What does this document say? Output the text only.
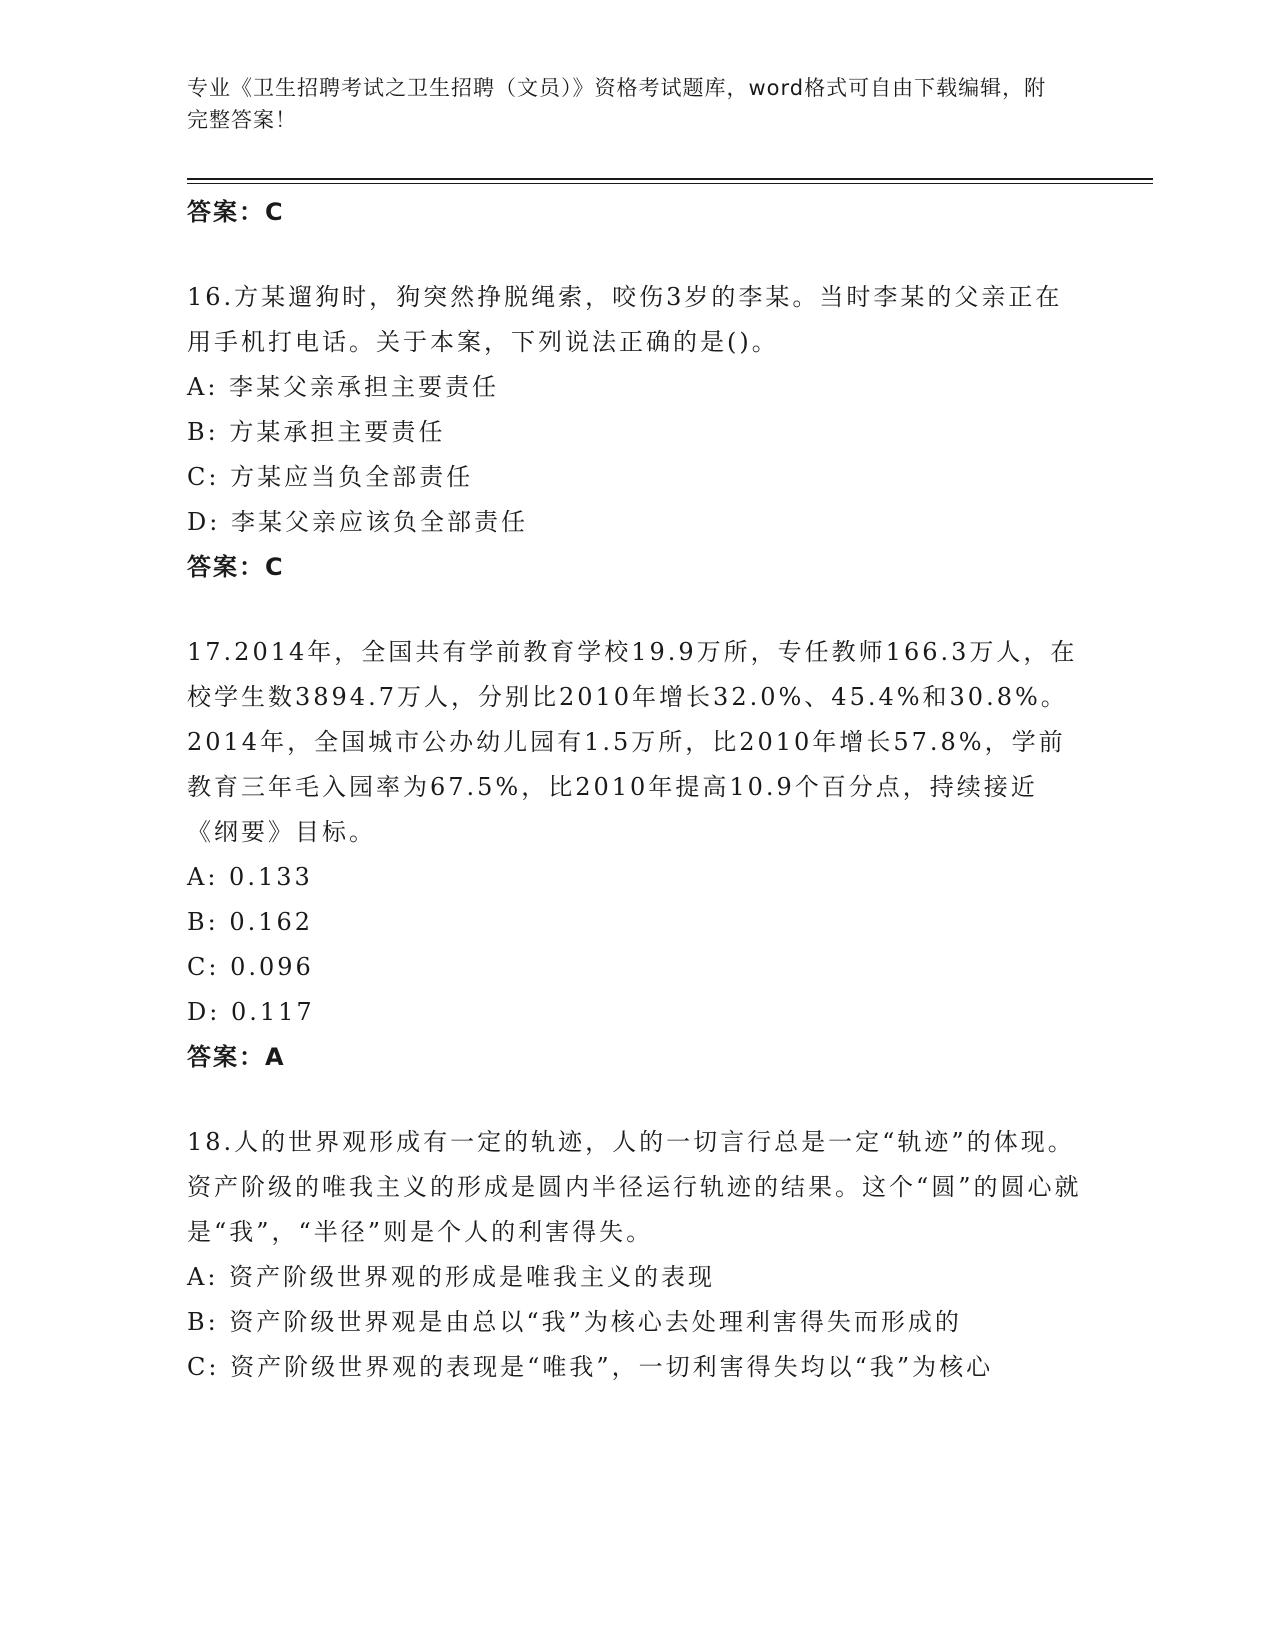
专业《卫生招聘考试之卫生招聘（文员）》资格考试题库，word格式可自由下载编辑，附完整答案！
答案：C
16.方某遛狗时，狗突然挣脱绳索，咬伤3岁的李某。当时李某的父亲正在用手机打电话。关于本案，下列说法正确的是()。
A: 李某父亲承担主要责任
B: 方某承担主要责任
C: 方某应当负全部责任
D: 李某父亲应该负全部责任
答案：C
17.2014年，全国共有学前教育学校19.9万所，专任教师166.3万人，在校学生数3894.7万人，分别比2010年增长32.0%、45.4%和30.8%。2014年，全国城市公办幼儿园有1.5万所，比2010年增长57.8%，学前教育三年毛入园率为67.5%，比2010年提高10.9个百分点，持续接近《纲要》目标。
A: 0.133
B: 0.162
C: 0.096
D: 0.117
答案：A
18.人的世界观形成有一定的轨迹，人的一切言行总是一定“轨迹”的体现。资产阶级的唯我主义的形成是圆内半径运行轨迹的结果。这个“圆”的圆心就是“我”，“半径”则是个人的利害得失。
A: 资产阶级世界观的形成是唯我主义的表现
B: 资产阶级世界观是由总以“我”为核心去处理利害得失而形成的
C: 资产阶级世界观的表现是“唯我”，一切利害得失均以“我”为核心
